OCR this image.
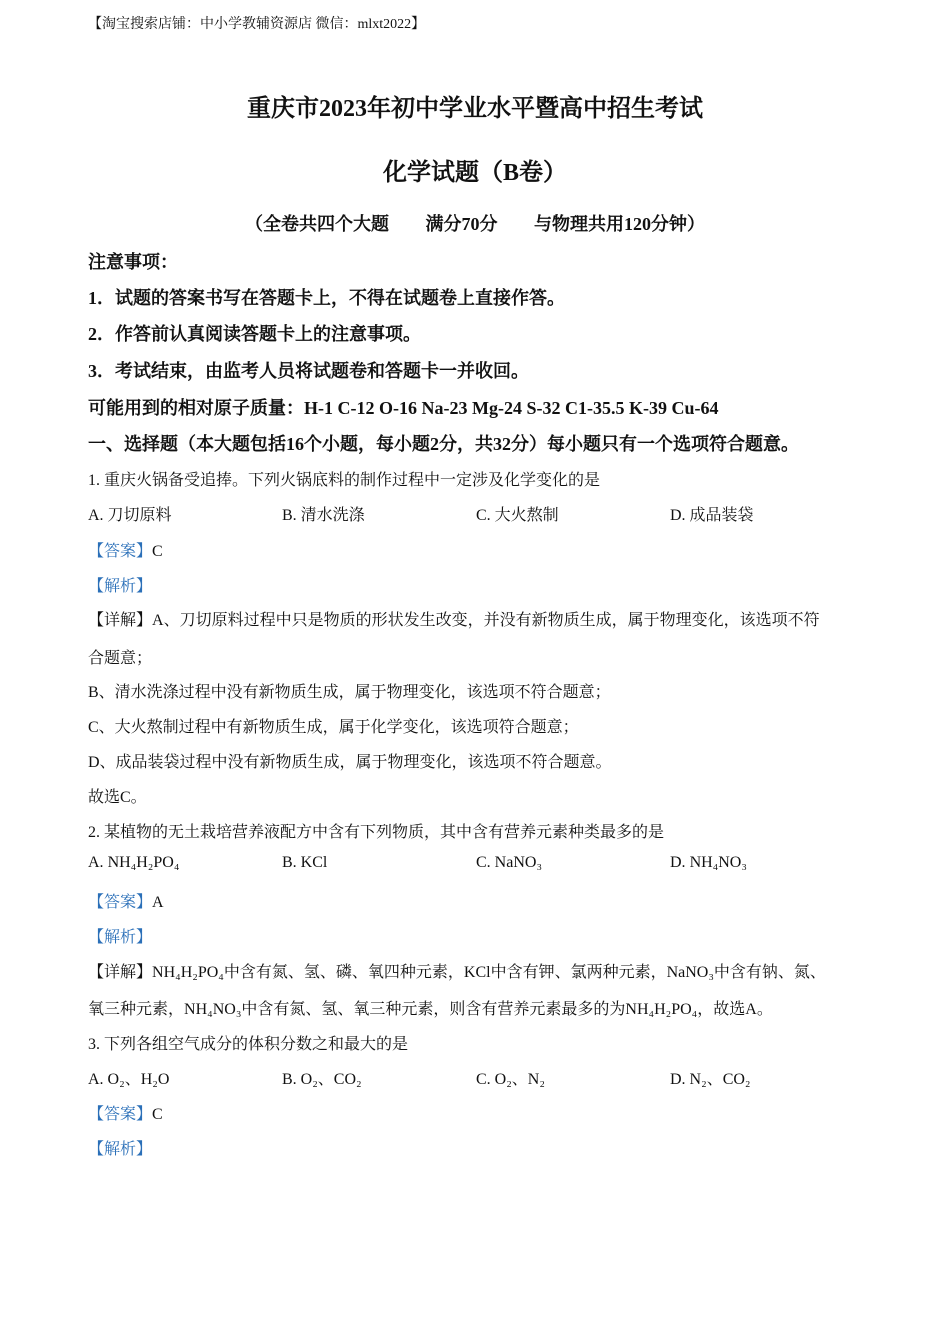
【淘宝搜索店铺：中小学教辅资源店 微信：mlxt2022】
重庆市2023年初中学业水平暨高中招生考试
化学试题（B卷）
（全卷共四个大题 满分70分 与物理共用120分钟）
注意事项：
1．试题的答案书写在答题卡上，不得在试题卷上直接作答。
2．作答前认真阅读答题卡上的注意事项。
3．考试结束，由监考人员将试题卷和答题卡一并收回。
可能用到的相对原子质量：H-1 C-12 O-16 Na-23 Mg-24 S-32 C1-35.5 K-39 Cu-64
一、选择题（本大题包括16个小题，每小题2分，共32分）每小题只有一个选项符合题意。
1. 重庆火锅备受追捧。下列火锅底料的制作过程中一定涉及化学变化的是
A. 刀切原料	B. 清水洗涤	C. 大火熬制	D. 成品装袋
【答案】C
【解析】
【详解】A、刀切原料过程中只是物质的形状发生改变，并没有新物质生成，属于物理变化，该选项不符
合题意；
B、清水洗涤过程中没有新物质生成，属于物理变化，该选项不符合题意；
C、大火熬制过程中有新物质生成，属于化学变化，该选项符合题意；
D、成品装袋过程中没有新物质生成，属于物理变化，该选项不符合题意。
故选C。
2. 某植物的无土栽培营养液配方中含有下列物质，其中含有营养元素种类最多的是
A. NH₄H₂PO₄	B. KCl	C. NaNO₃	D. NH₄NO₃
【答案】A
【解析】
【详解】NH₄H₂PO₄中含有氮、氢、磷、氧四种元素，KCl中含有钾、氯两种元素，NaNO₃中含有钠、氮、
氧三种元素，NH₄NO₃中含有氮、氢、氧三种元素，则含有营养元素最多的为NH₄H₂PO₄，故选A。
3. 下列各组空气成分的体积分数之和最大的是
A. O₂、H₂O	B. O₂、CO₂	C. O₂、N₂	D. N₂、CO₂
【答案】C
【解析】
